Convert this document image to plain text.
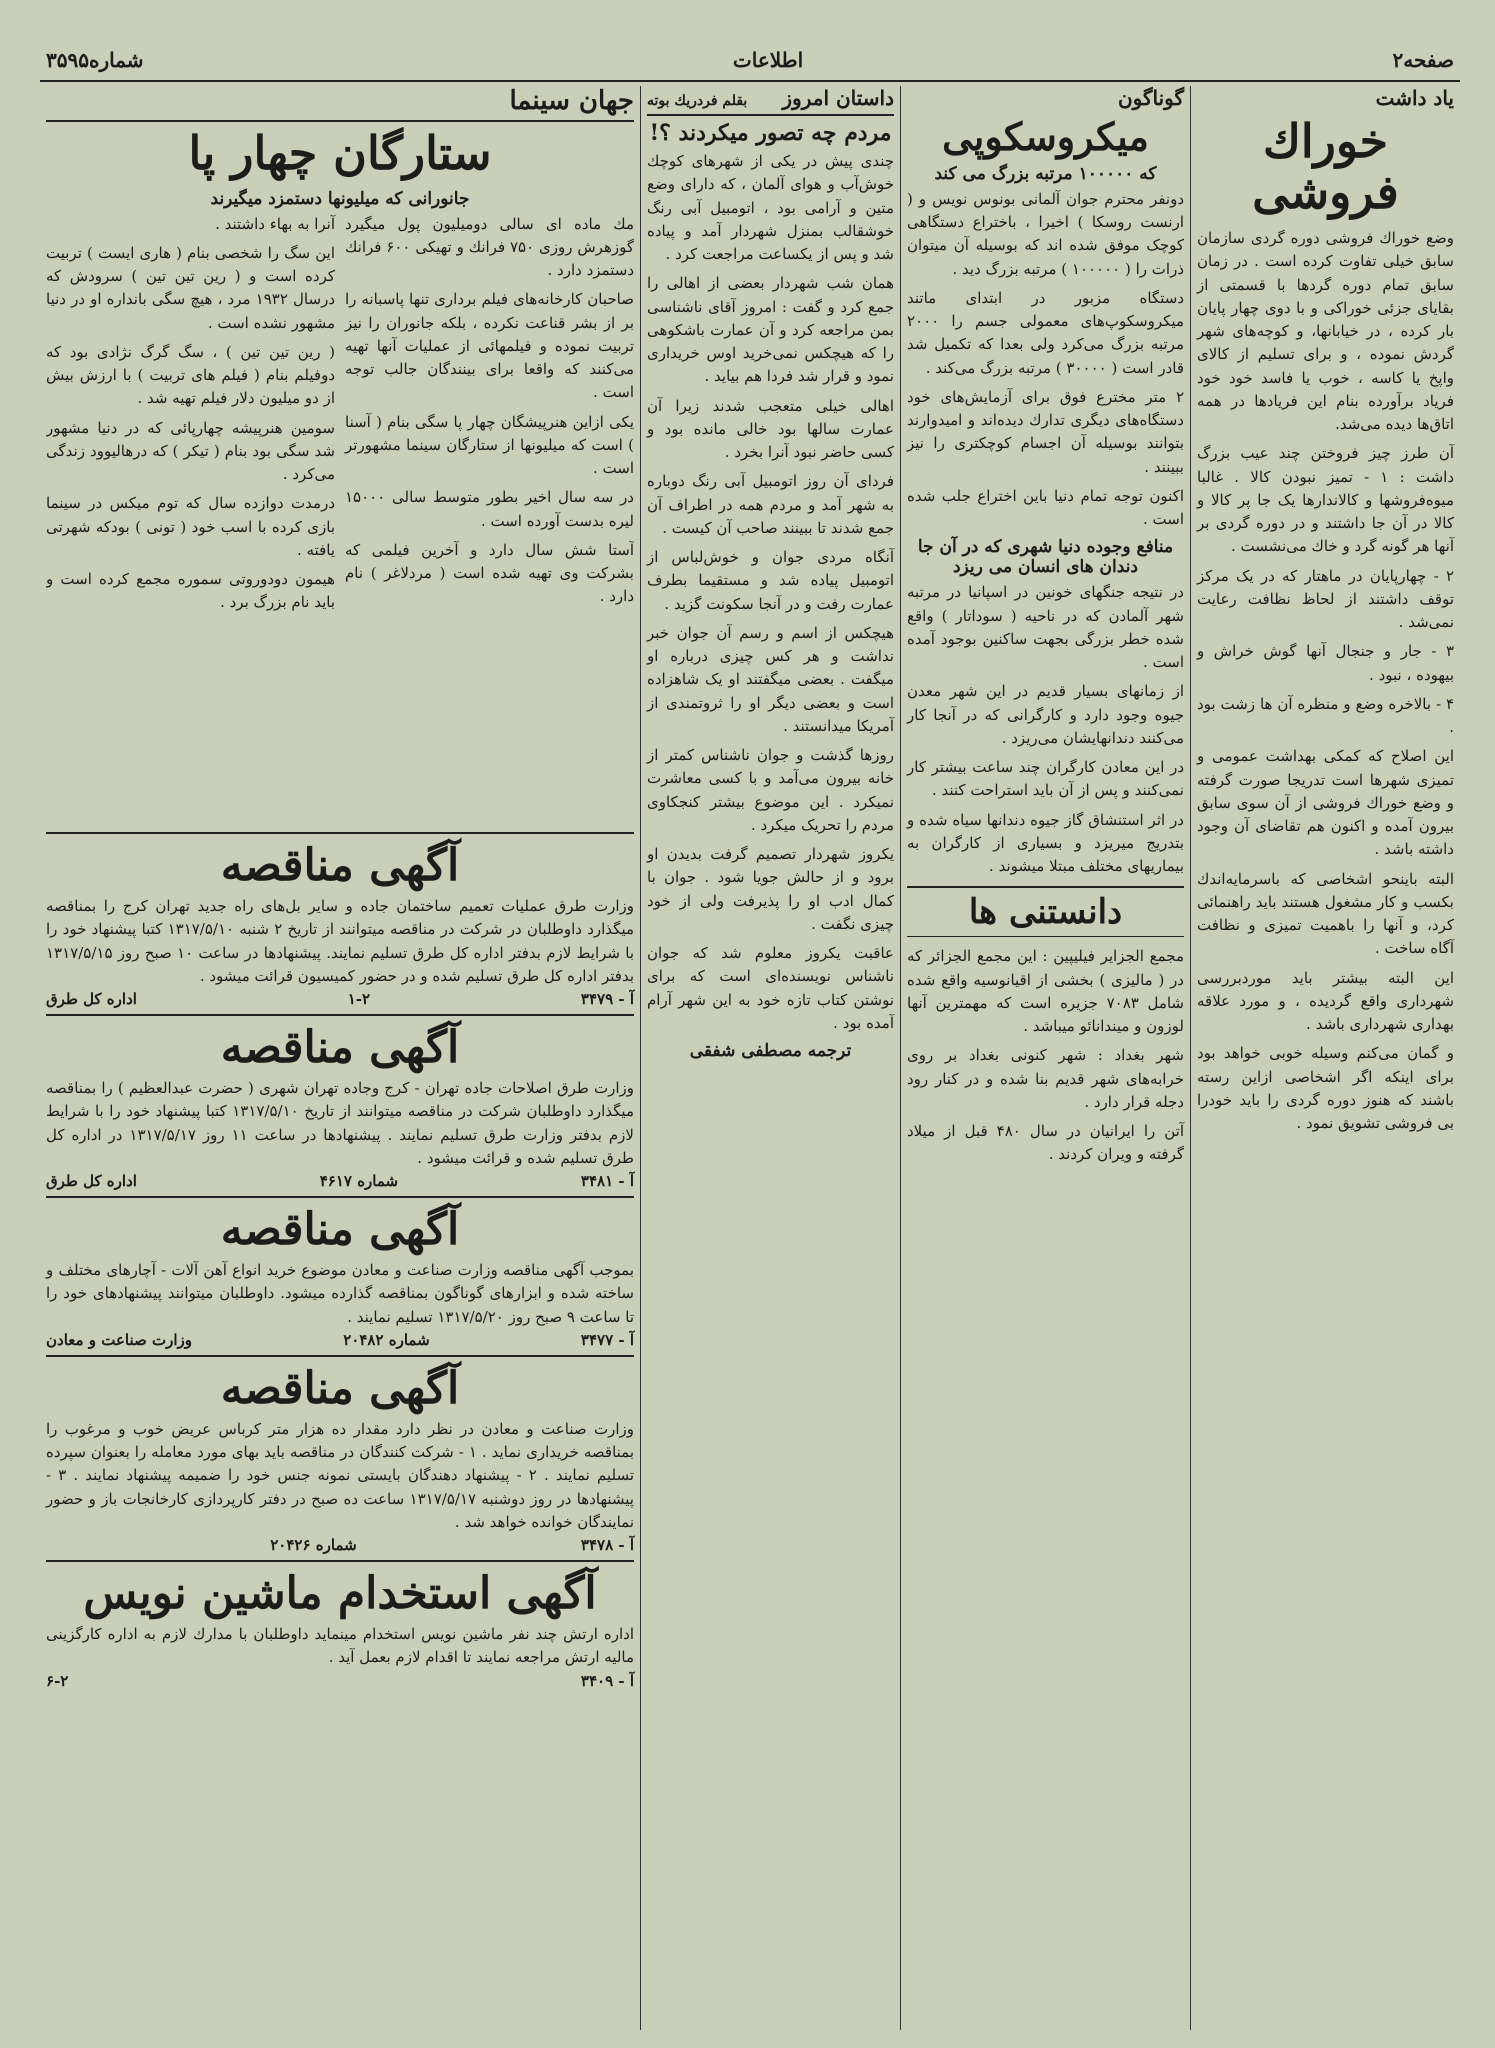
صفحه۲
اطلاعات
شماره۳۵۹۵
یاد داشت
خوراك فروشی

وضع خوراك فروشی دوره گردی سازمان سابق خیلی تفاوت کرده است . در زمان سابق تمام دوره گردها با قسمتی از بقایای جزئی خوراکی و با دوی چهار پایان بار کرده ، در خیابانها، و کوچه‌های شهر گردش نموده ، و برای تسلیم از کالای واپخ یا کاسه ، خوب یا فاسد خود خود فریاد برآورده بنام این فریادها در همه اتاق‌ها دیده می‌شد.

آن طرز چیز فروختن چند عیب بزرگ داشت : ۱ - تمیز نبودن کالا . غالبا میوه‌فروشها و کالاندارها یک جا پر کالا و کالا در آن جا داشتند و در دوره گردی بر آنها هر گونه گرد و خاك می‌نشست .

۲ - چهارپایان در ماهتار که در یک مرکز توقف داشتند از لحاظ نظافت رعایت نمی‌شد .

۳ - جار و جنجال آنها گوش خراش و بیهوده ، نبود .

۴ - بالاخره وضع و منظره آن ها زشت بود .

این اصلاح که کمکی بهداشت عمومی و تمیزی شهرها است تدریجا صورت گرفته و وضع خوراك فروشی از آن سوی سابق بیرون آمده و اکنون هم تقاضای آن وجود داشته باشد .

البته باینحو اشخاصی که باسرمایه‌اندك بکسب و کار مشغول هستند باید راهنمائی کرد، و آنها را باهمیت تمیزی و نظافت آگاه ساخت .

این البته بیشتر باید موردبررسی شهرداری واقع گردیده ، و مورد علاقه بهداری شهرداری باشد .

و گمان می‌کنم وسیله خوبی خواهد بود برای اینکه اگر اشخاصی ازاین رسته باشند که هنوز دوره گردی را باید خودرا بی فروشی تشویق نمود .

گوناگون
میکروسکوپی
که ۱۰۰۰۰۰ مرتبه بزرگ می کند

دونفر محترم جوان آلمانی بونوس نویس و ( ارنست روسکا ) اخیرا ، باختراع دستگاهی کوچک موفق شده اند که بوسیله آن میتوان ذرات را ( ۱۰۰۰۰۰ ) مرتبه بزرگ دید .

دستگاه مزبور در ابتدای ماتند میکروسکوپ‌های معمولی جسم را ۲۰۰۰ مرتبه بزرگ می‌کرد ولی بعدا که تکمیل شد قادر است ( ۳۰۰۰۰ ) مرتبه بزرگ می‌کند .

۲ متر مخترع فوق برای آزمایش‌های خود دستگاه‌های دیگری تدارك دیده‌اند و امیدوارند بتوانند بوسیله آن اجسام کوچکتری را نیز ببینند .

اکنون توجه تمام دنیا باین اختراع جلب شده است .

منافع وجوده دنیا شهری که در آن جا دندان های انسان می ریزد

در نتیجه جنگهای خونین در اسپانیا در مرتبه شهر آلمادن که در ناحیه ( سوداتار ) واقع شده خطر بزرگی بجهت ساکنین بوجود آمده است .

از زمانهای بسیار قدیم در این شهر معدن جیوه وجود دارد و کارگرانی که در آنجا کار می‌کنند دندانهایشان می‌ریزد .

در این معادن کارگران چند ساعت بیشتر کار نمی‌کنند و پس از آن باید استراحت کنند .

در اثر استنشاق گاز جیوه دندانها سیاه شده و بتدریج میریزد و بسیاری از کارگران به بیماریهای مختلف مبتلا میشوند .

دانستنی ها

مجمع الجزایر فیلیپین : این مجمع الجزائر که در ( ماليزی ) بخشی از اقیانوسیه واقع شده شامل ۷۰۸۳ جزیره است که مهمترین آنها لوزون و میندانائو میباشد .

شهر بغداد : شهر کنونی بغداد بر روی خرابه‌های شهر قدیم بنا شده و در کنار رود دجله قرار دارد .

آتن را ایرانیان در سال ۴۸۰ قبل از میلاد گرفته و ویران کردند .

داستان امروز
بقلم فردریك بوته
مردم چه تصور میکردند ؟!

چندی پیش در یکی از شهرهای کوچك خوش‌آب و هوای آلمان ، که دارای وضع متین و آرامی بود ، اتومبیل آبی رنگ خوشقالب بمنزل شهردار آمد و پیاده شد و پس از یکساعت مراجعت کرد .

همان شب شهردار بعضی از اهالی را جمع کرد و گفت : امروز آقای ناشناسی بمن مراجعه کرد و آن عمارت باشکوهی را که هیچکس نمی‌خرید اوس خریداری نمود و قرار شد فردا هم بیاید .

اهالی خیلی متعجب شدند زیرا آن عمارت سالها بود خالی مانده بود و کسی حاضر نبود آنرا بخرد .

فردای آن روز اتومبیل آبی رنگ دوباره به شهر آمد و مردم همه در اطراف آن جمع شدند تا ببینند صاحب آن کیست .

آنگاه مردی جوان و خوش‌لباس از اتومبیل پیاده شد و مستقیما بطرف عمارت رفت و در آنجا سکونت گزید .

هیچکس از اسم و رسم آن جوان خبر نداشت و هر کس چیزی درباره او میگفت . بعضی میگفتند او یک شاهزاده است و بعضی دیگر او را ثروتمندی از آمریکا میدانستند .

روزها گذشت و جوان ناشناس کمتر از خانه بیرون می‌آمد و با کسی معاشرت نمیکرد . این موضوع بیشتر کنجکاوی مردم را تحریک میکرد .

یکروز شهردار تصمیم گرفت بدیدن او برود و از حالش جویا شود . جوان با کمال ادب او را پذیرفت ولی از خود چیزی نگفت .

عاقبت یکروز معلوم شد که جوان ناشناس نویسنده‌ای است که برای نوشتن کتاب تازه خود به این شهر آرام آمده بود .

ترجمه مصطفی شفقی
جهان سینما
ستارگان چهار پا
جانورانی که میلیونها دستمزد میگیرند

مك ماده ای سالی دومیلیون پول میگیرد گوزهرش روزی ۷۵۰ فرانك و تهیکی ۶۰۰ فرانك دستمزد دارد .

صاحبان کارخانه‌های فیلم برداری تنها پاسبانه را بر از بشر قناعت نکرده ، بلکه جانوران را نیز تربیت نموده و فیلمهائی از عملیات آنها تهیه می‌کنند که واقعا برای بینندگان جالب توجه است .

یکی ازاین هنرپیشگان چهار پا سگی بنام ( آسنا ) است که میلیونها از ستارگان سینما مشهورتر است .

در سه سال اخیر بطور متوسط سالی ۱۵۰۰۰ لیره بدست آورده است .

آستا شش سال دارد و آخرین فیلمی که بشرکت وی تهیه شده است ( مردلاغر ) نام دارد .

آنرا به بهاء داشتند .

این سگ را شخصی بنام ( هاری ایست ) تربیت کرده است و ( رین تین تین ) سرودش که درسال ۱۹۳۲ مرد ، هیچ سگی بانداره او در دنیا مشهور نشده است .

( رین تین تین ) ، سگ گرگ نژادی بود که دوفیلم بنام ( فیلم های تربیت ) با ارزش بیش از دو میلیون دلار فیلم تهیه شد .

سومین هنرپیشه چهارپائی که در دنیا مشهور شد سگی بود بنام ( تیکر ) که درهالیوود زندگی می‌کرد .

درمدت دوازده سال که توم میکس در سینما بازی کرده با اسب خود ( تونی ) بودکه شهرتی یافته .

هیمون دودوروتی سموره مجمع کرده است و باید نام بزرگ برد .

آگهی مناقصه
وزارت طرق عملیات تعمیم ساختمان جاده و سایر بل‌های راه جدید تهران کرج را بمناقصه میگذارد داوطلبان در شرکت در مناقصه میتوانند از تاریخ ۲ شنبه ۱۳۱۷/۵/۱۰ کتبا پیشنهاد خود را با شرایط لازم بدفتر اداره کل طرق تسلیم نمایند. پیشنهادها در ساعت ۱۰ صبح روز ۱۳۱۷/۵/۱۵ بدفتر اداره کل طرق تسلیم شده و در حضور کمیسیون قرائت میشود .
آ - ۳۴۷۹
۱-۲
اداره کل طرق
آگهی مناقصه
وزارت طرق اصلاحات جاده تهران - کرج وجاده تهران شهری ( حضرت عبدالعظیم ) را بمناقصه میگذارد داوطلبان شرکت در مناقصه میتوانند از تاریخ ۱۳۱۷/۵/۱۰ کتبا پیشنهاد خود را با شرایط لازم بدفتر وزارت طرق تسلیم نمایند . پیشنهادها در ساعت ۱۱ روز ۱۳۱۷/۵/۱۷ در اداره کل طرق تسلیم شده و قرائت میشود .
آ - ۳۴۸۱
شماره ۴۶۱۷
اداره کل طرق
آگهی مناقصه
بموجب آگهی مناقصه وزارت صناعت و معادن موضوع خرید انواع آهن آلات - آچارهای مختلف و ساخته شده و ابزارهای گوناگون بمناقصه گذارده میشود. داوطلبان میتوانند پیشنهادهای خود را تا ساعت ۹ صبح روز ۱۳۱۷/۵/۲۰ تسلیم نمایند .
آ - ۳۴۷۷
شماره ۲۰۴۸۲
وزارت صناعت و معادن
آگهی مناقصه
وزارت صناعت و معادن در نظر دارد مقدار ده هزار متر کرباس عریض خوب و مرغوب را بمناقصه خریداری نماید . ۱ - شرکت کنندگان در مناقصه باید بهای مورد معامله را بعنوان سپرده تسلیم نمایند . ۲ - پیشنهاد دهندگان بایستی نمونه جنس خود را ضمیمه پیشنهاد نمایند . ۳ - پیشنهادها در روز دوشنبه ۱۳۱۷/۵/۱۷ ساعت ده صبح در دفتر کارپردازی کارخانجات باز و حضور نمایندگان خوانده خواهد شد .
آ - ۳۴۷۸
شماره ۲۰۴۲۶
آگهی استخدام ماشین نویس
اداره ارتش چند نفر ماشین نویس استخدام مینماید داوطلبان با مدارك لازم به اداره کارگزینی مالیه ارتش مراجعه نمایند تا اقدام لازم بعمل آید .
آ - ۳۴۰۹
۶-۲
